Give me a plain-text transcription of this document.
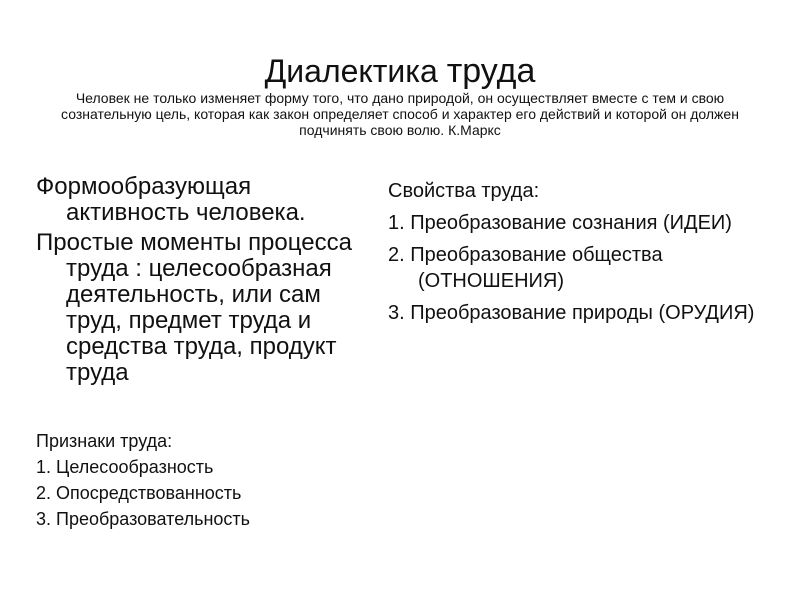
Диалектика труда

Человек не только изменяет форму того, что дано природой, он осуществляет вместе с тем и свою сознательную цель, которая как закон определяет способ и характер его действий и которой он должен подчинять свою волю. К.Маркс

Формообразующая активность человека.

Простые моменты процесса труда : целесообразная деятельность, или сам труд, предмет труда и средства труда, продукт труда

Признаки труда:

1. Целесообразность

2. Опосредствованность

3. Преобразовательность

Свойства труда:

1. Преобразование сознания (ИДЕИ)

2. Преобразование общества (ОТНОШЕНИЯ)

3. Преобразование природы (ОРУДИЯ)
